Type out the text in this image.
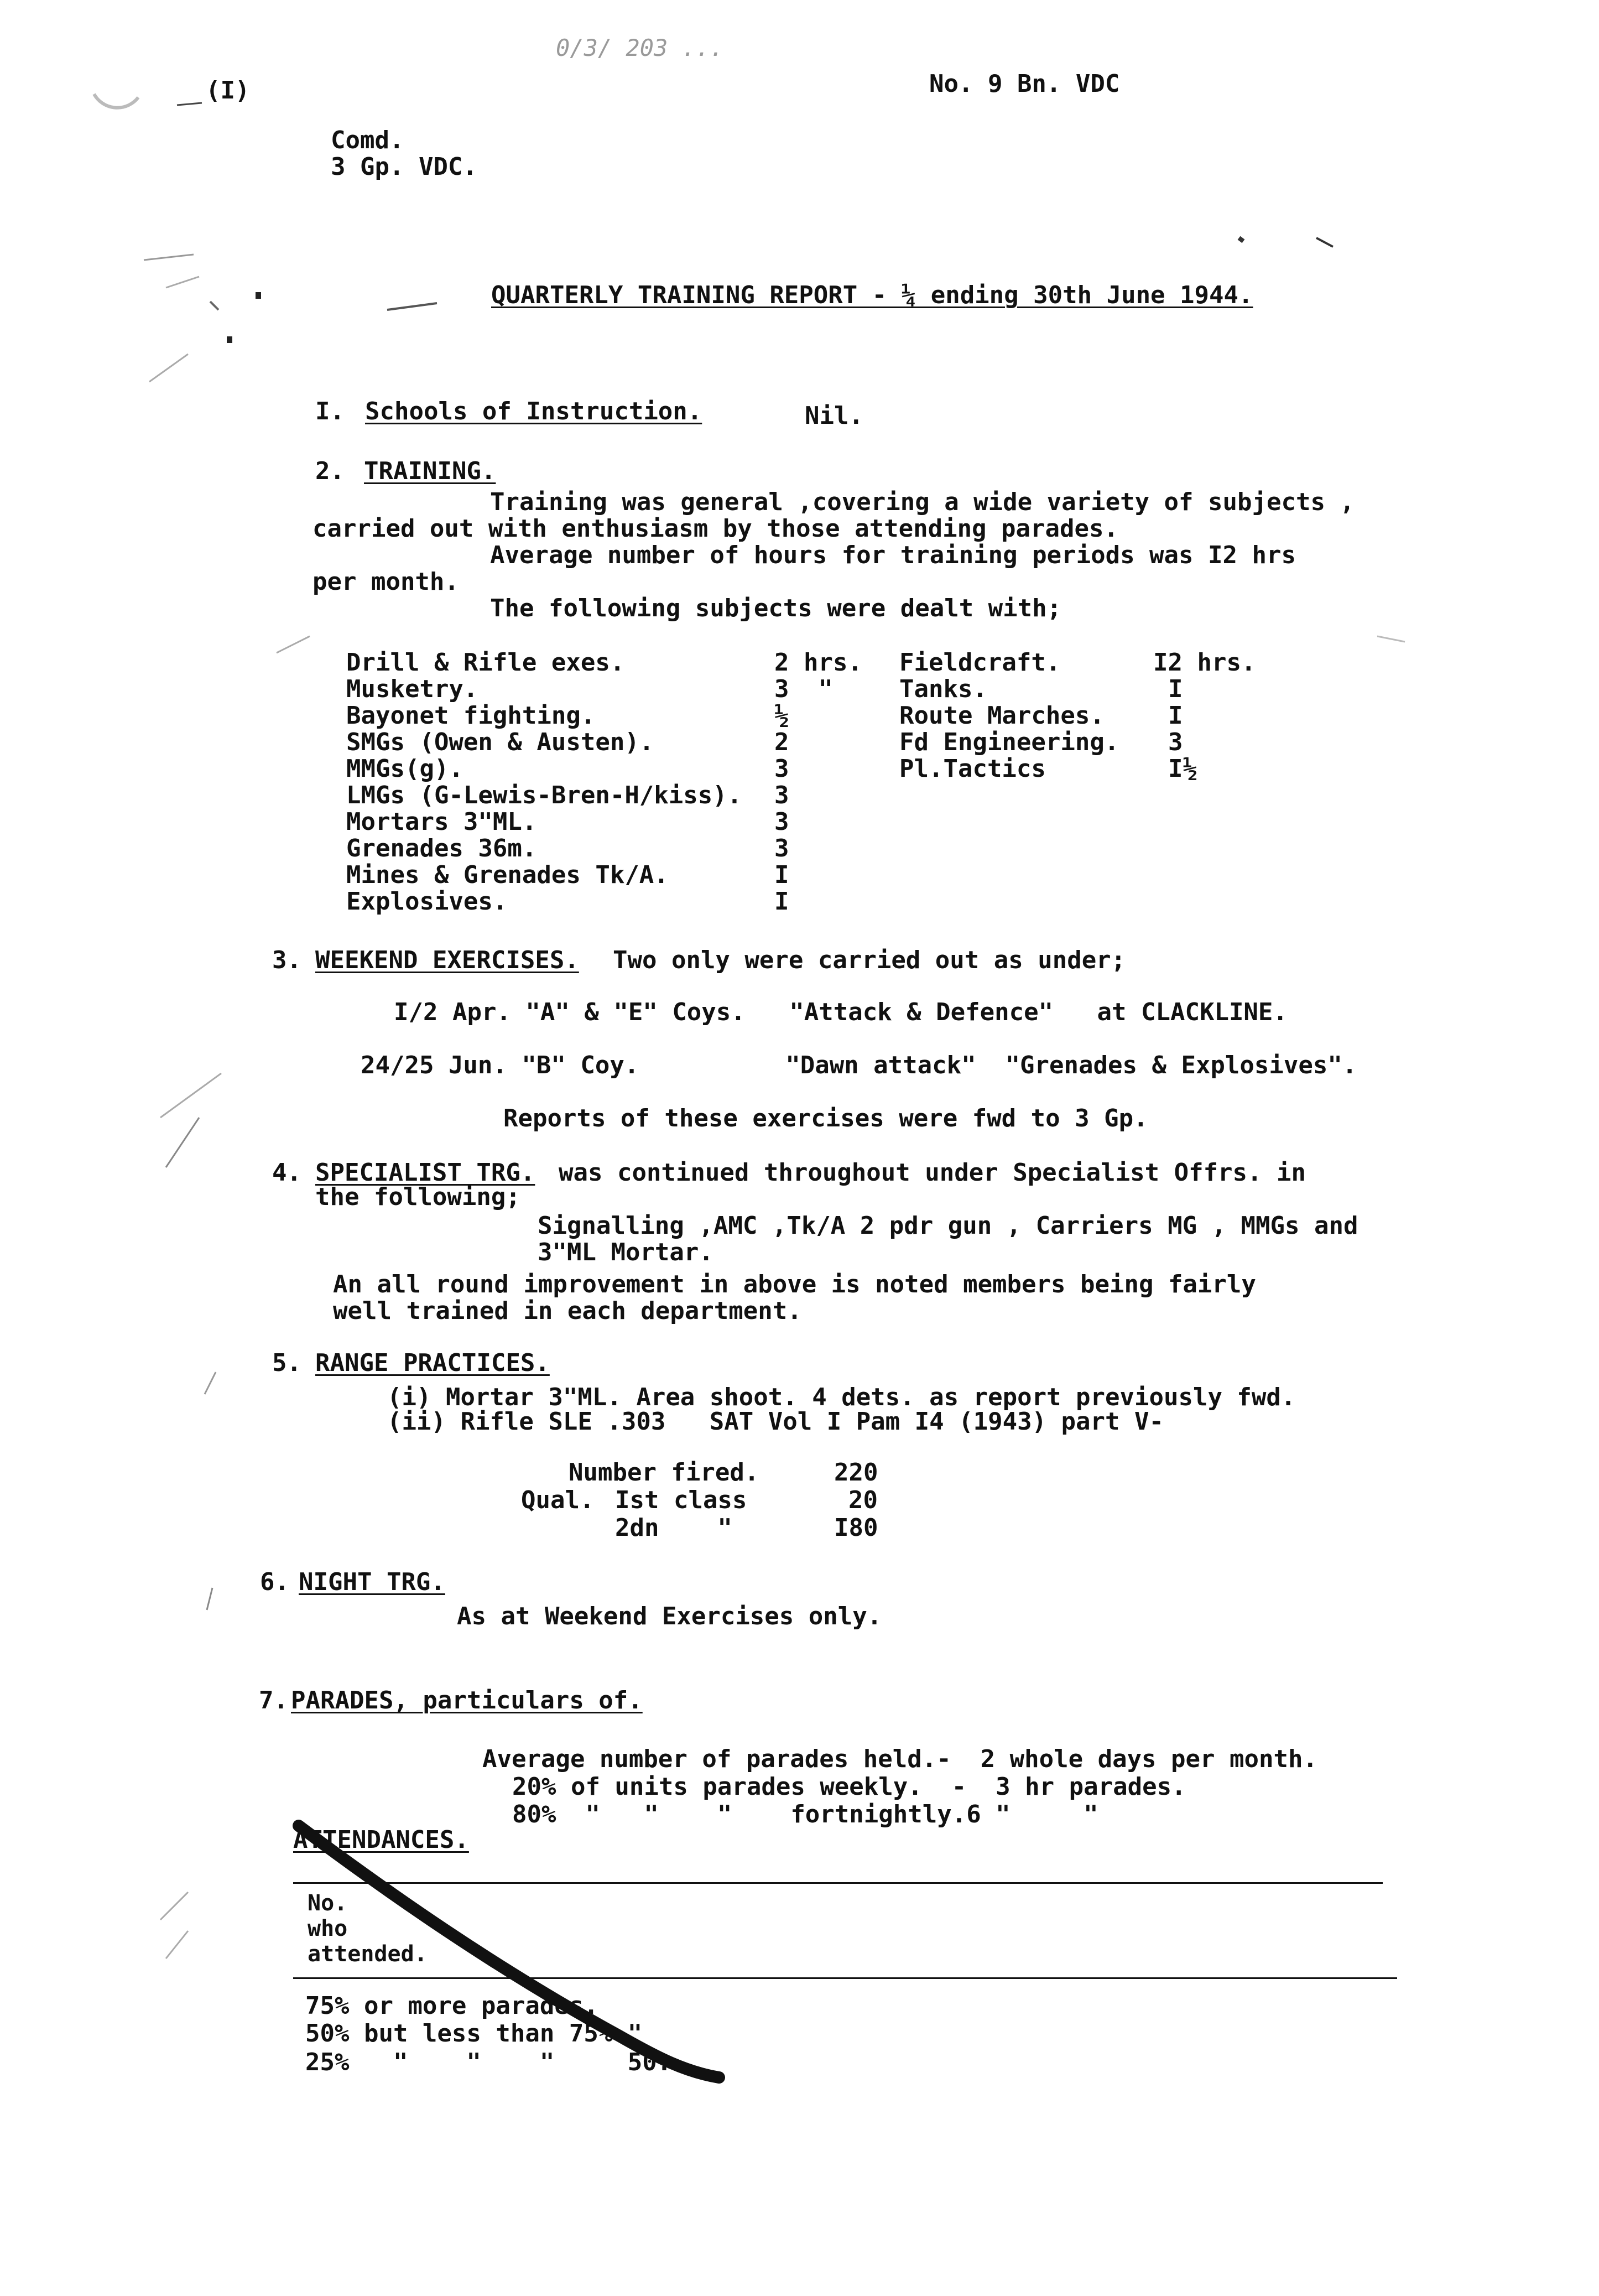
0/3/ 203 ...
(I)	No. 9 Bn. VDC
Comd.
3 Gp. VDC.
QUARTERLY TRAINING REPORT - ¼ ending 30th June 1944.
I. Schools of Instruction.	Nil.
2. TRAINING.
Training was general ,covering a wide variety of subjects ,
carried out with enthusiasm by those attending parades.
Average number of hours for training periods was I2 hrs
per month.
The following subjects were dealt with;
Drill & Rifle exes.	2 hrs.
Musketry.	3  "
Bayonet fighting.	½
SMGs (Owen & Austen).	2
MMGs(g).	3
LMGs (G-Lewis-Bren-H/kiss). 3
Mortars 3"ML.	3
Grenades 36m.	3
Mines & Grenades Tk/A.	I
Explosives.	I
Fieldcraft.	I2 hrs.
Tanks.	I
Route Marches.	I
Fd Engineering. 3
Pl.Tactics	I½
3. WEEKEND EXERCISES. Two only were carried out as under;
I/2 Apr. "A" & "E" Coys.   "Attack & Defence"   at CLACKLINE.
24/25 Jun. "B" Coy.          "Dawn attack"  "Grenades & Explosives".
Reports of these exercises were fwd to 3 Gp.
4. SPECIALIST TRG. was continued throughout under Specialist Offrs. in
the following;
Signalling ,AMC ,Tk/A 2 pdr gun , Carriers MG , MMGs and
3"ML Mortar.
An all round improvement in above is noted members being fairly
well trained in each department.
5. RANGE PRACTICES.
(i) Mortar 3"ML. Area shoot. 4 dets. as report previously fwd.
(ii) Rifle SLE .303   SAT Vol I Pam I4 (1943) part V-
Number fired.	220
Qual. Ist class	20
2dn    "	I80
6. NIGHT TRG.
As at Weekend Exercises only.
7. PARADES, particulars of.
Average number of parades held.-  2 whole days per month.
20% of units parades weekly.  -  3 hr parades.
80%  "   "    "    fortnightly.6 "     "
ATTENDANCES.
No.
who
attended.
75% or more parades.
50% but less than 75% "
25%   "    "    "     50.
